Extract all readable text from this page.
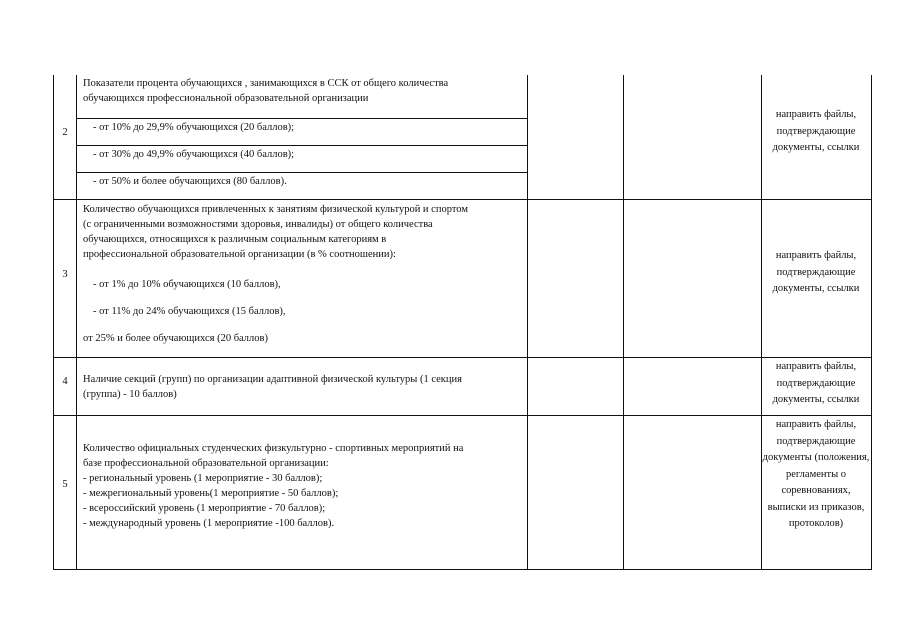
2
Показатели процента обучающихся , занимающихся в ССК от общего количества
обучающихся профессиональной образовательной организации
- от 10% до 29,9% обучающихся (20 баллов);
- от 30% до 49,9% обучающихся (40 баллов);
- от 50% и более обучающихся (80 баллов).
направить файлы, подтверждающие документы, ссылки
3
Количество обучающихся привлеченных к занятиям физической культурой и спортом
(с ограниченными возможностями здоровья, инвалиды) от общего количества
обучающихся, относящихся к различным социальным категориям в
профессиональной образовательной организации (в % соотношении):
- от 1% до 10% обучающихся (10 баллов),
- от 11% до 24% обучающихся (15 баллов),
от 25% и более обучающихся (20 баллов)
направить файлы, подтверждающие документы, ссылки
4	Наличие секций (групп) по организации адаптивной физической культуры (1 секция
(группа) - 10 баллов)
направить файлы, подтверждающие документы, ссылки
5
Количество официальных студенческих физкультурно - спортивных мероприятий на
базе профессиональной образовательной организации:
- региональный уровень (1 мероприятие - 30 баллов);
- межрегиональный уровень(1 мероприятие - 50 баллов);
- всероссийский уровень (1 мероприятие - 70 баллов);
- международный уровень (1 мероприятие -100 баллов).
направить файлы, подтверждающие документы (положения, регламенты о соревнованиях, выписки из приказов, протоколов)
